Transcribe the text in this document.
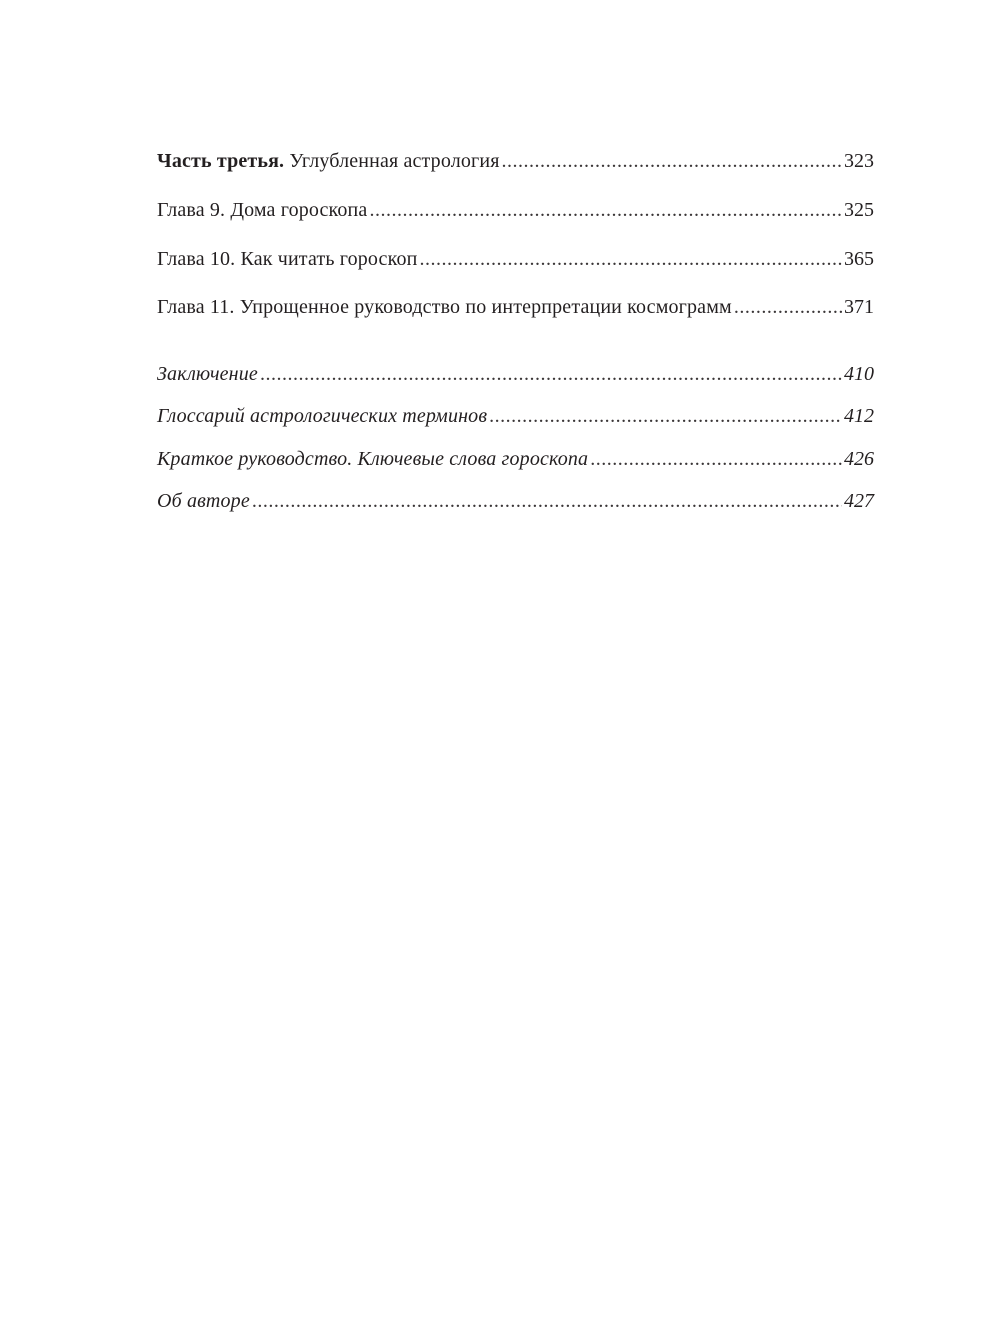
Часть третья. Углубленная астрология .....	323
Глава 9. Дома гороскопа .....	325
Глава 10. Как читать гороскоп .....	365
Глава 11. Упрощенное руководство по интерпретации космограмм .....	371
Заключение .....	410
Глоссарий астрологических терминов .....	412
Краткое руководство. Ключевые слова гороскопа .....	426
Об авторе .....	427
